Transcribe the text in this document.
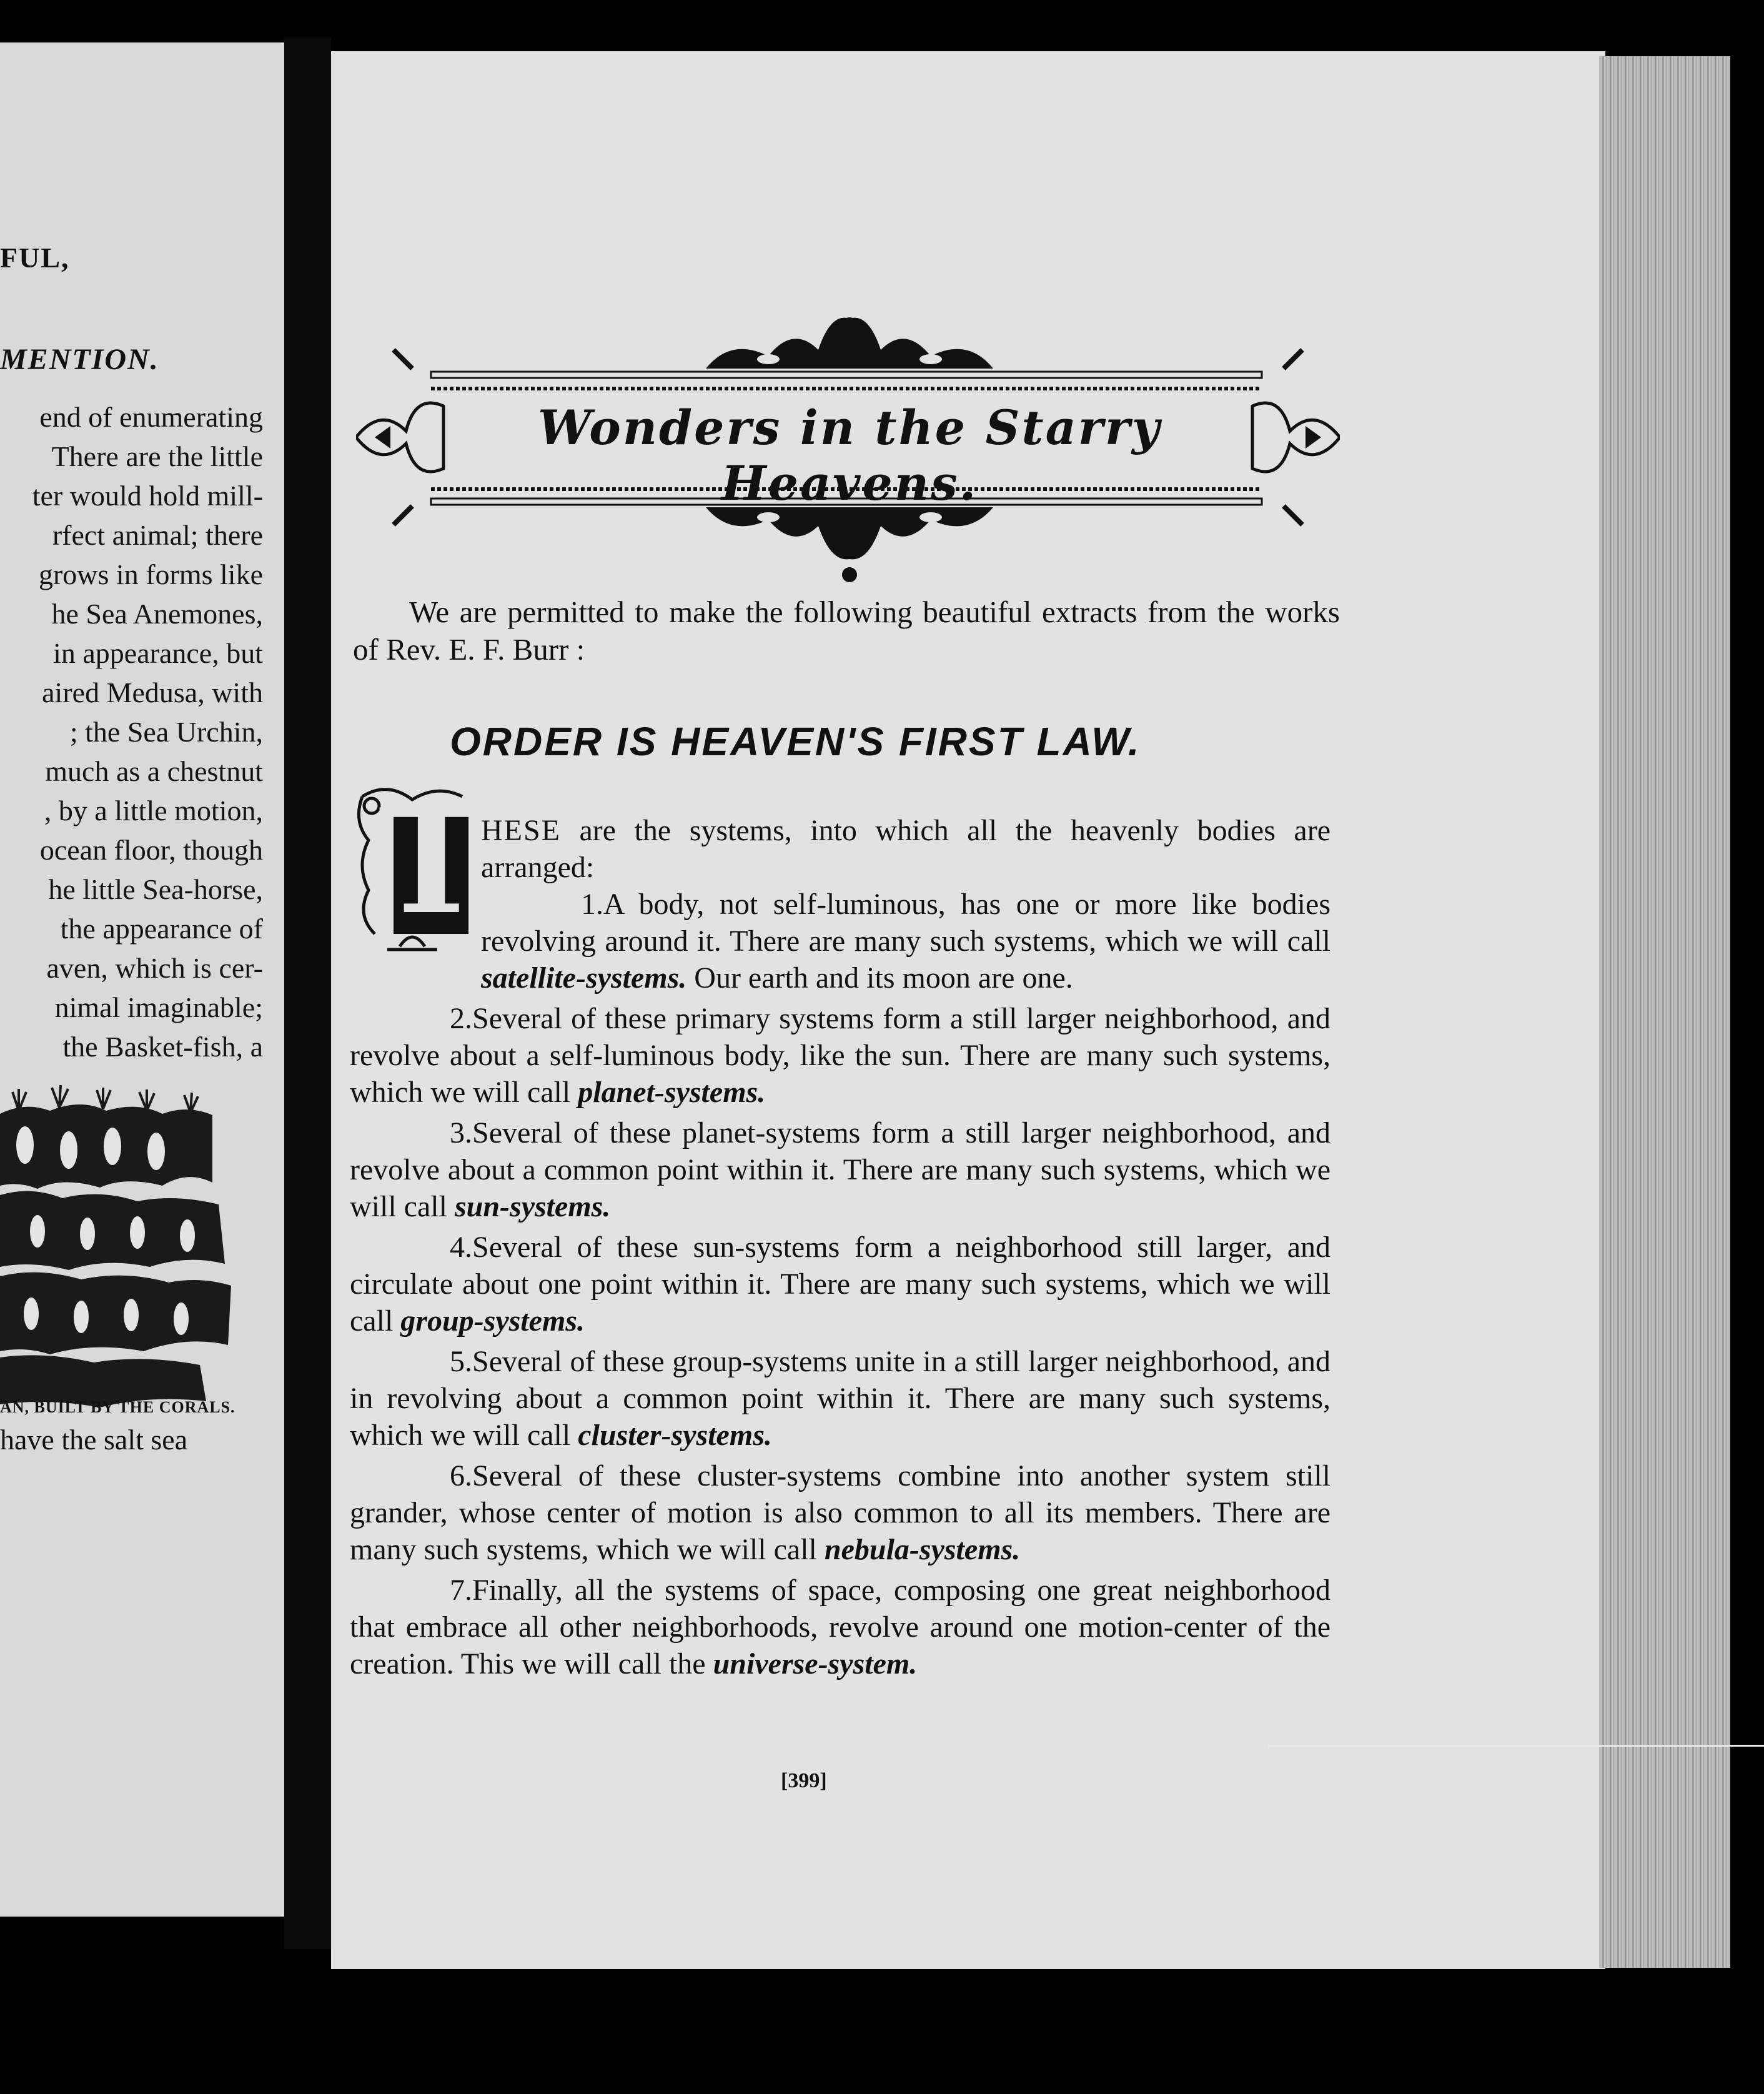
FUL,
MENTION.
end of enumerating
There are the little
ter would hold mill-
rfect animal; there
grows in forms like
he Sea Anemones,
in appearance, but
aired Medusa, with
; the Sea Urchin,
much as a chestnut
, by a little motion,
ocean floor, though
he little Sea-horse,
the appearance of
aven, which is cer-
nimal imaginable;
the Basket-fish, a
AN, BUILT BY THE CORALS.
have the salt sea
Wonders in the Starry Heavens.
We are permitted to make the following beautiful extracts from the works of Rev. E. F. Burr :
ORDER IS HEAVEN'S FIRST LAW.
T

HESE are the systems, into which all the heavenly bodies are arranged:

1.A body, not self-luminous, has one or more like bodies revolving around it. There are many such systems, which we will call satellite-systems. Our earth and its moon are one.

2.Several of these primary systems form a still larger neighborhood, and revolve about a self-luminous body, like the sun. There are many such systems, which we will call planet-systems.

3.Several of these planet-systems form a still larger neighborhood, and revolve about a common point within it. There are many such systems, which we will call sun-systems.

4.Several of these sun-systems form a neighborhood still larger, and circulate about one point within it. There are many such systems, which we will call group-systems.

5.Several of these group-systems unite in a still larger neighborhood, and in revolving about a common point within it. There are many such systems, which we will call cluster-systems.

6.Several of these cluster-systems combine into another system still grander, whose center of motion is also common to all its members. There are many such systems, which we will call nebula-systems.

7.Finally, all the systems of space, composing one great neighborhood that embrace all other neighborhoods, revolve around one motion-center of the creation. This we will call the universe-system.

[399]
